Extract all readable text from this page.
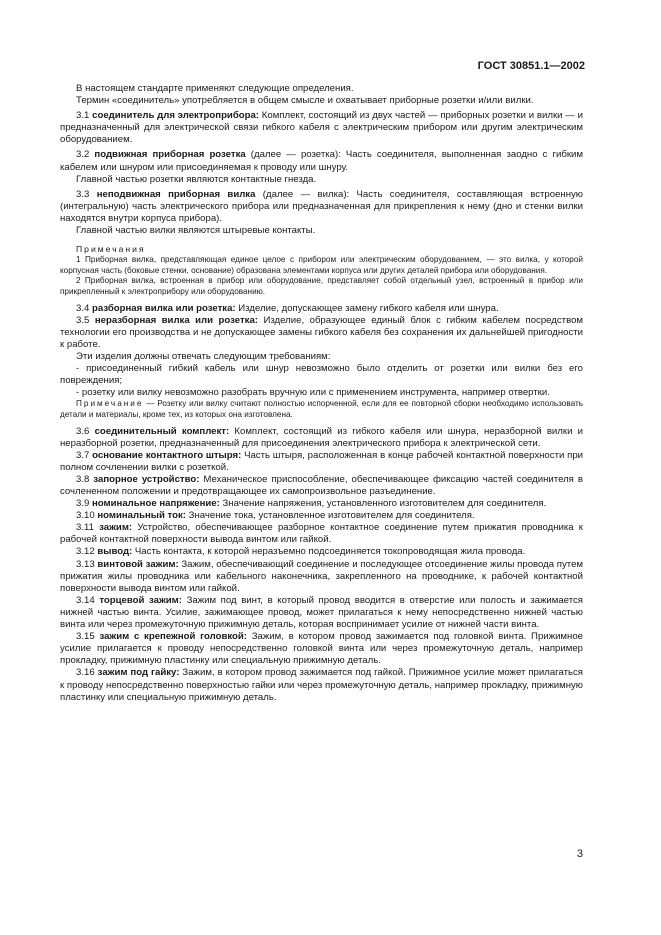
ГОСТ 30851.1—2002

В настоящем стандарте применяют следующие определения.

Термин «соединитель» употребляется в общем смысле и охватывает приборные розетки и/или вилки.

3.1 соединитель для электроприбора: Комплект, состоящий из двух частей — приборных розетки и вилки — и предназначенный для электрической связи гибкого кабеля с электрическим прибором или другим электрическим оборудованием.

3.2 подвижная приборная розетка (далее — розетка): Часть соединителя, выполненная заодно с гибким кабелем или шнуром или присоединяемая к проводу или шнуру.

Главной частью розетки являются контактные гнезда.

3.3 неподвижная приборная вилка (далее — вилка): Часть соединителя, составляющая встроенную (интегральную) часть электрического прибора или предназначенная для прикрепления к нему (дно и стенки вилки находятся внутри корпуса прибора).

Главной частью вилки являются штыревые контакты.

Примечания

1 Приборная вилка, представляющая единое целое с прибором или электрическим оборудованием, — это вилка, у которой корпусная часть (боковые стенки, основание) образована элементами корпуса или других деталей прибора или оборудования.

2 Приборная вилка, встроенная в прибор или оборудование, представляет собой отдельный узел, встроенный в прибор или прикрепленный к электроприбору или оборудованию.

3.4 разборная вилка или розетка: Изделие, допускающее замену гибкого кабеля или шнура.

3.5 неразборная вилка или розетка: Изделие, образующее единый блок с гибким кабелем посредством технологии его производства и не допускающее замены гибкого кабеля без сохранения их дальнейшей пригодности к работе.

Эти изделия должны отвечать следующим требованиям:

- присоединенный гибкий кабель или шнур невозможно было отделить от розетки или вилки без его повреждения;

- розетку или вилку невозможно разобрать вручную или с применением инструмента, например отвертки.

Примечание — Розетку или вилку считают полностью испорченной, если для ее повторной сборки необходимо использовать детали и материалы, кроме тех, из которых она изготовлена.

3.6 соединительный комплект: Комплект, состоящий из гибкого кабеля или шнура, неразборной вилки и неразборной розетки, предназначенный для присоединения электрического прибора к электрической сети.

3.7 основание контактного штыря: Часть штыря, расположенная в конце рабочей контактной поверхности при полном сочленении вилки с розеткой.

3.8 запорное устройство: Механическое приспособление, обеспечивающее фиксацию частей соединителя в сочлененном положении и предотвращающее их самопроизвольное разъединение.

3.9 номинальное напряжение: Значение напряжения, установленного изготовителем для соединителя.

3.10 номинальный ток: Значение тока, установленное изготовителем для соединителя.

3.11 зажим: Устройство, обеспечивающее разборное контактное соединение путем прижатия проводника к рабочей контактной поверхности вывода винтом или гайкой.

3.12 вывод: Часть контакта, к которой неразъемно подсоединяется токопроводящая жила провода.

3.13 винтовой зажим: Зажим, обеспечивающий соединение и последующее отсоединение жилы провода путем прижатия жилы проводника или кабельного наконечника, закрепленного на проводнике, к рабочей контактной поверхности вывода винтом или гайкой.

3.14 торцевой зажим: Зажим под винт, в который провод вводится в отверстие или полость и зажимается нижней частью винта. Усилие, зажимающее провод, может прилагаться к нему непосредственно нижней частью винта или через промежуточную прижимную деталь, которая воспринимает усилие от нижней части винта.

3.15 зажим с крепежной головкой: Зажим, в котором провод зажимается под головкой винта. Прижимное усилие прилагается к проводу непосредственно головкой винта или через промежуточную деталь, например прокладку, прижимную пластинку или специальную прижимную деталь.

3.16 зажим под гайку: Зажим, в котором провод зажимается под гайкой. Прижимное усилие может прилагаться к проводу непосредственно поверхностью гайки или через промежуточную деталь, например прокладку, прижимную пластинку или специальную прижимную деталь.

3
